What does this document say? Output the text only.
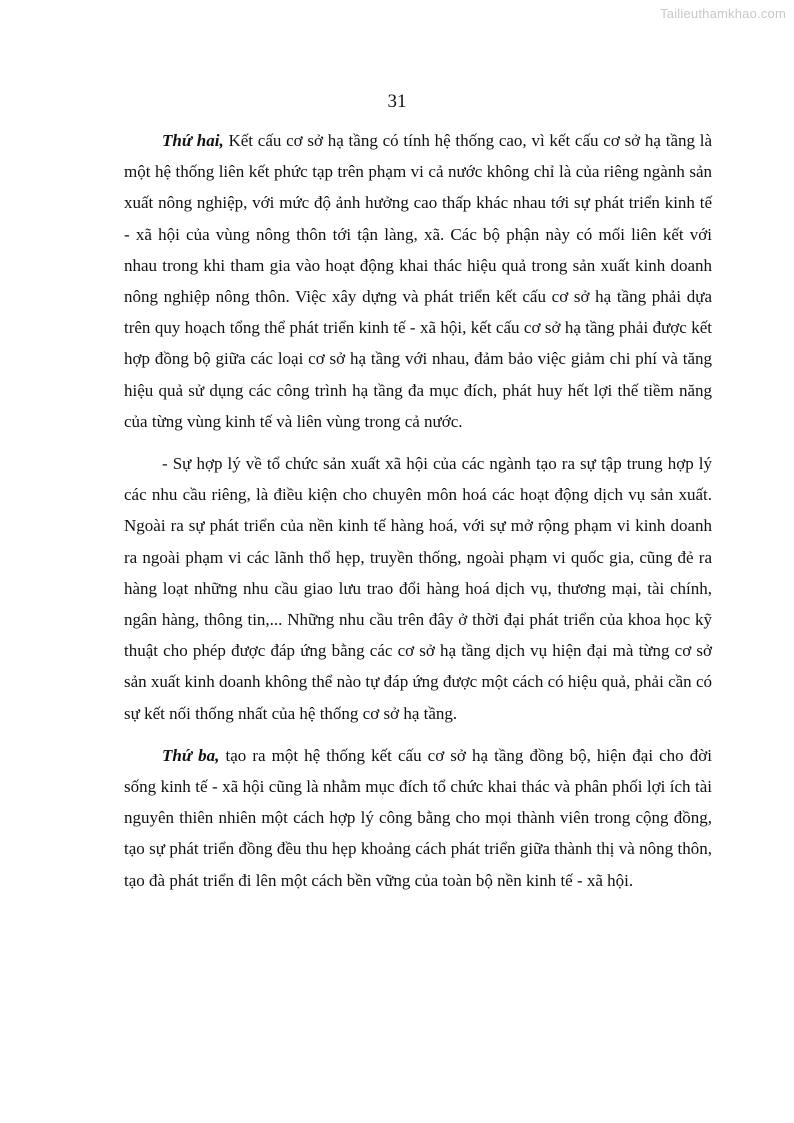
Tailieuthamkhao.com
31

Thứ hai, Kết cấu cơ sở hạ tầng có tính hệ thống cao, vì kết cấu cơ sở hạ tầng là một hệ thống liên kết phức tạp trên phạm vi cả nước không chỉ là của riêng ngành sản xuất nông nghiệp, với mức độ ảnh hưởng cao thấp khác nhau tới sự phát triển kinh tế - xã hội của vùng nông thôn tới tận làng, xã. Các bộ phận này có mối liên kết với nhau trong khi tham gia vào hoạt động khai thác hiệu quả trong sản xuất kinh doanh nông nghiệp nông thôn. Việc xây dựng và phát triển kết cấu cơ sở hạ tầng phải dựa trên quy hoạch tổng thể phát triển kinh tế - xã hội, kết cấu cơ sở hạ tầng phải được kết hợp đồng bộ giữa các loại cơ sở hạ tầng với nhau, đảm bảo việc giảm chi phí và tăng hiệu quả sử dụng các công trình hạ tầng đa mục đích, phát huy hết lợi thế tiềm năng của từng vùng kinh tế và liên vùng trong cả nước.

- Sự hợp lý về tổ chức sản xuất xã hội của các ngành tạo ra sự tập trung hợp lý các nhu cầu riêng, là điều kiện cho chuyên môn hoá các hoạt động dịch vụ sản xuất. Ngoài ra sự phát triển của nền kinh tế hàng hoá, với sự mở rộng phạm vi kinh doanh ra ngoài phạm vi các lãnh thổ hẹp, truyền thống, ngoài phạm vi quốc gia, cũng đẻ ra hàng loạt những nhu cầu giao lưu trao đổi hàng hoá dịch vụ, thương mại, tài chính, ngân hàng, thông tin,... Những nhu cầu trên đây ở thời đại phát triển của khoa học kỹ thuật cho phép được đáp ứng bằng các cơ sở hạ tầng dịch vụ hiện đại mà từng cơ sở sản xuất kinh doanh không thể nào tự đáp ứng được một cách có hiệu quả, phải cần có sự kết nối thống nhất của hệ thống cơ sở hạ tầng.

Thứ ba, tạo ra một hệ thống kết cấu cơ sở hạ tầng đồng bộ, hiện đại cho đời sống kinh tế - xã hội cũng là nhằm mục đích tổ chức khai thác và phân phối lợi ích tài nguyên thiên nhiên một cách hợp lý công bằng cho mọi thành viên trong cộng đồng, tạo sự phát triển đồng đều thu hẹp khoảng cách phát triển giữa thành thị và nông thôn, tạo đà phát triển đi lên một cách bền vững của toàn bộ nền kinh tế - xã hội.
